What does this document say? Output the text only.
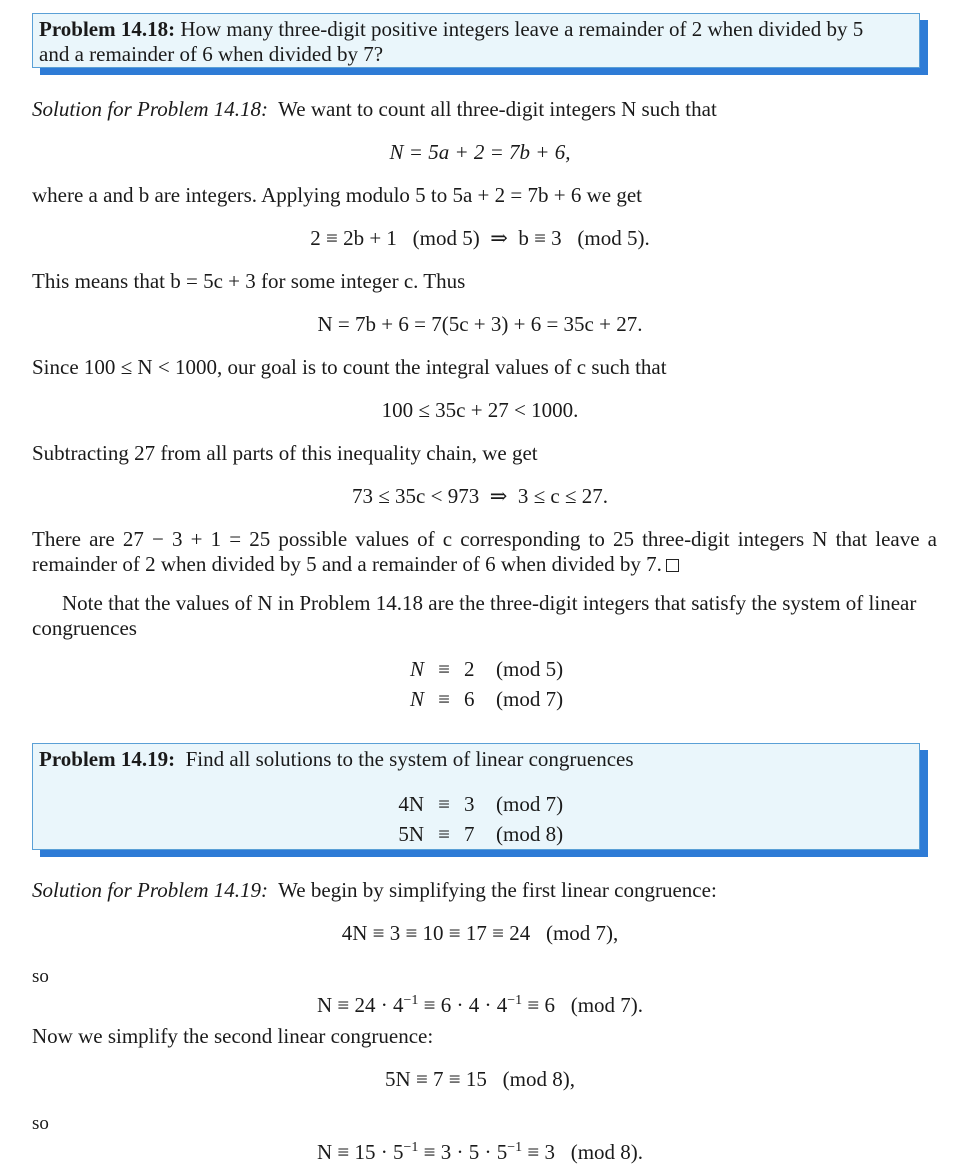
Problem 14.18: How many three-digit positive integers leave a remainder of 2 when divided by 5
and a remainder of 6 when divided by 7?
Solution for Problem 14.18: We want to count all three-digit integers N such that
N = 5a + 2 = 7b + 6,
where a and b are integers. Applying modulo 5 to 5a + 2 = 7b + 6 we get
2 ≡ 2b + 1   (mod 5)  ⇒  b ≡ 3   (mod 5).
This means that b = 5c + 3 for some integer c. Thus
N = 7b + 6 = 7(5c + 3) + 6 = 35c + 27.
Since 100 ≤ N < 1000, our goal is to count the integral values of c such that
100 ≤ 35c + 27 < 1000.
Subtracting 27 from all parts of this inequality chain, we get
73 ≤ 35c < 973  ⇒  3 ≤ c ≤ 27.
There are 27 − 3 + 1 = 25 possible values of c corresponding to 25 three-digit integers N that leave a
remainder of 2 when divided by 5 and a remainder of 6 when divided by 7.
Note that the values of N in Problem 14.18 are the three-digit integers that satisfy the system of linear
congruences
N ≡ 2	(mod 5)
N ≡ 6	(mod 7)
Problem 14.19: Find all solutions to the system of linear congruences
4N ≡ 3	(mod 7)
5N ≡ 7	(mod 8)
Solution for Problem 14.19: We begin by simplifying the first linear congruence:
4N ≡ 3 ≡ 10 ≡ 17 ≡ 24   (mod 7),
so
$N \equiv 24 \cdot 4^{-1} \equiv 6 \cdot 4 \cdot 4^{-1} \equiv 6$   (mod 7).
Now we simplify the second linear congruence:
5N ≡ 7 ≡ 15   (mod 8),
so
$N \equiv 15 \cdot 5^{-1} \equiv 3 \cdot 5 \cdot 5^{-1} \equiv 3$   (mod 8).
